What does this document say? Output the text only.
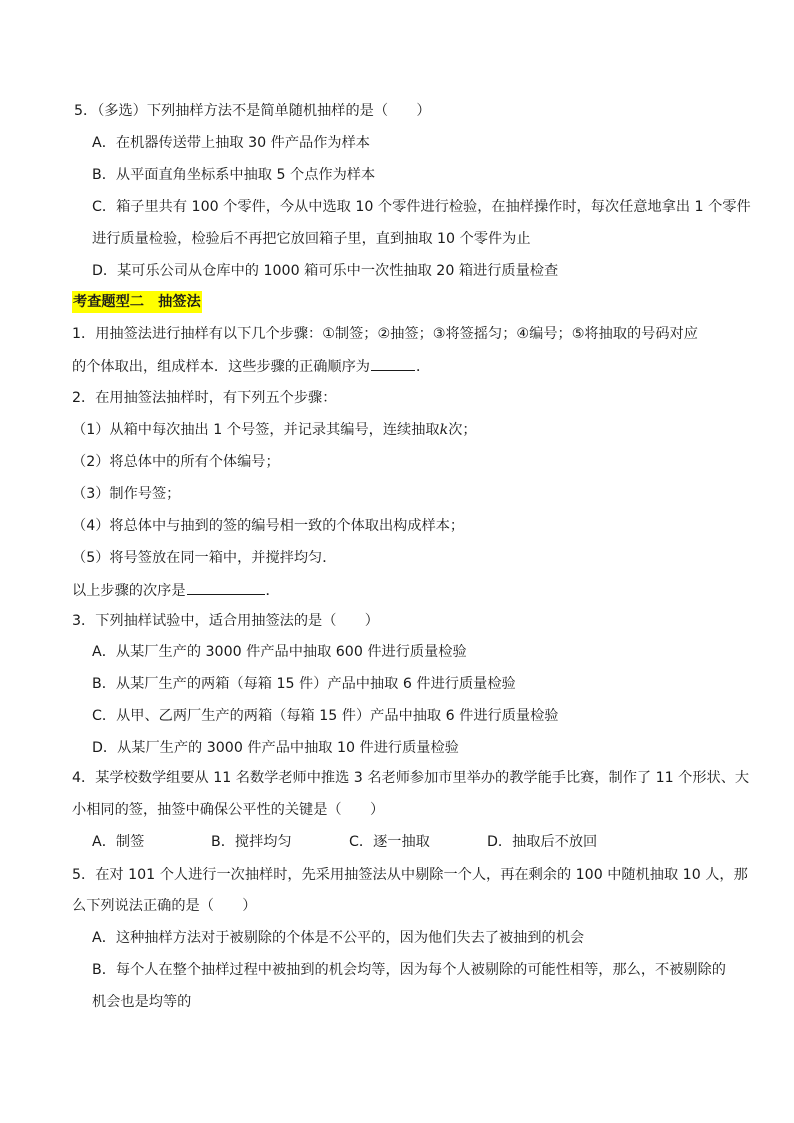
5．（多选）下列抽样方法不是简单随机抽样的是（　　）
A．在机器传送带上抽取 30 件产品作为样本
B．从平面直角坐标系中抽取 5 个点作为样本
C．箱子里共有 100 个零件，今从中选取 10 个零件进行检验，在抽样操作时，每次任意地拿出 1 个零件
进行质量检验，检验后不再把它放回箱子里，直到抽取 10 个零件为止
D．某可乐公司从仓库中的 1000 箱可乐中一次性抽取 20 箱进行质量检查
考查题型二　抽签法
1．用抽签法进行抽样有以下几个步骤：①制签；②抽签；③将签摇匀；④编号；⑤将抽取的号码对应
的个体取出，组成样本．这些步骤的正确顺序为	．
2．在用抽签法抽样时，有下列五个步骤：
（1）从箱中每次抽出 1 个号签，并记录其编号，连续抽取k次；
（2）将总体中的所有个体编号；
（3）制作号签；
（4）将总体中与抽到的签的编号相一致的个体取出构成样本；
（5）将号签放在同一箱中，并搅拌均匀．
以上步骤的次序是	．
3．下列抽样试验中，适合用抽签法的是（　　）
A．从某厂生产的 3000 件产品中抽取 600 件进行质量检验
B．从某厂生产的两箱（每箱 15 件）产品中抽取 6 件进行质量检验
C．从甲、乙两厂生产的两箱（每箱 15 件）产品中抽取 6 件进行质量检验
D．从某厂生产的 3000 件产品中抽取 10 件进行质量检验
4．某学校数学组要从 11 名数学老师中推选 3 名老师参加市里举办的教学能手比赛，制作了 11 个形状、大
小相同的签，抽签中确保公平性的关键是（　　）
A．制签	B．搅拌均匀	C．逐一抽取	D．抽取后不放回
5．在对 101 个人进行一次抽样时，先采用抽签法从中剔除一个人，再在剩余的 100 中随机抽取 10 人，那
么下列说法正确的是（　　）
A．这种抽样方法对于被剔除的个体是不公平的，因为他们失去了被抽到的机会
B．每个人在整个抽样过程中被抽到的机会均等，因为每个人被剔除的可能性相等，那么，不被剔除的
机会也是均等的
